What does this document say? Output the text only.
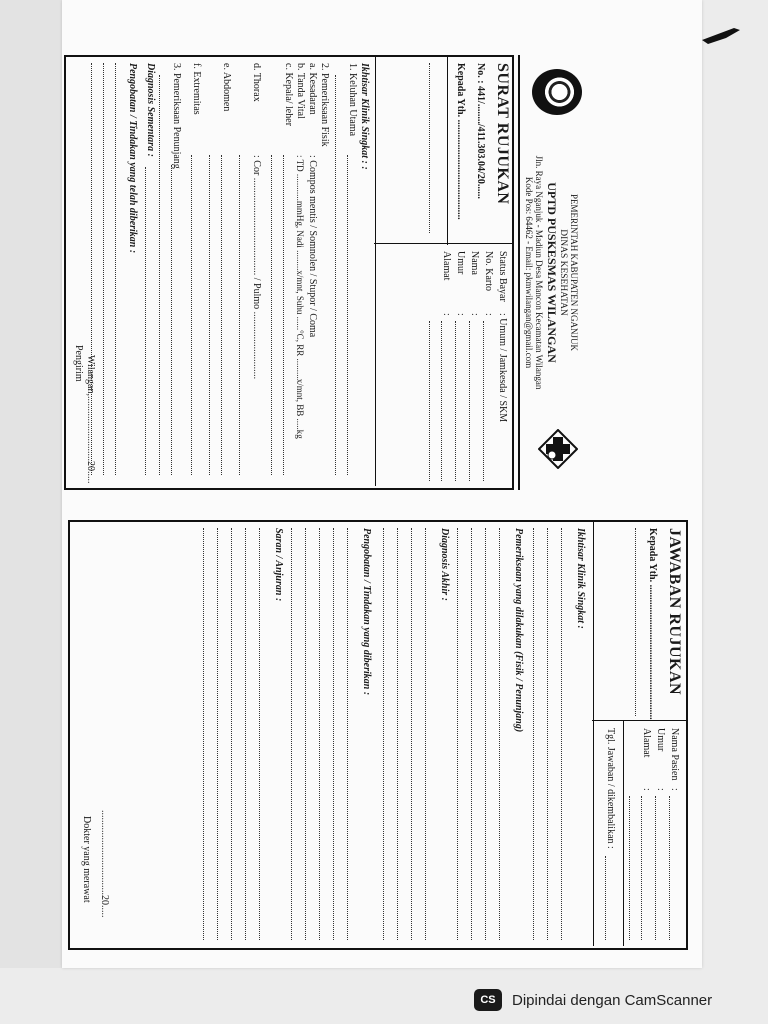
PEMERINTAH KABUPATEN NGANJUK
DINAS KESEHATAN
UPTD PUSKESMAS WILANGAN
Jln. Raya Nganjuk - Madiun Desa Mancon Kecamatan Wilangan
Kode Pos: 64462 - Email: pkmwilangan@gmail.com
SURAT RUJUKAN
No. : 441/......../411.303.04/20......
Kepada Yth. ........................................
Status Bayar
: Umum / Jamkesda / SKM
No. Karto
:
Nama
:
Umur
:
Alamat
:
Ikhtisar Klinik Singkat : :
1. Keluhan Utama
2. Pemeriksaan Fisik
a. Kesadaran
: Compos mentis / Somnolen / Stupor / Coma
b. Tanda Vital
: TD ............mmHg, Nadi .........x/mnt, Suhu ......°C, RR .........x/mnt, BB .....kg
c. Kepala/ leher
d. Thorax
: Cor ....................................... / Pulmo ...........................
e. Abdomen
f. Extremitas
3. Pemeriksaan Penunjang
Diagnosis Sementara :
Pengobatan / Tindakan yang telah diberikan :
Wilangan,..........................20.....
Pengirim
JAWABAN RUJUKAN
Kepada Yth. ......................................................
Nama Pasien
:
Umur
:
Alamat
:
Tgl. Jawaban / dikembalikan :
Ikhtisar Klinik Singkat :
Pemeriksaan yang dilakukan (Fisik / Penunjang)
Diagnosis Akhir :
Pengobatan / Tindakan yang diberikan :
Saran / Anjuran :
..................................20.....
Dokter yang merawat
CS	Dipindai dengan CamScanner
